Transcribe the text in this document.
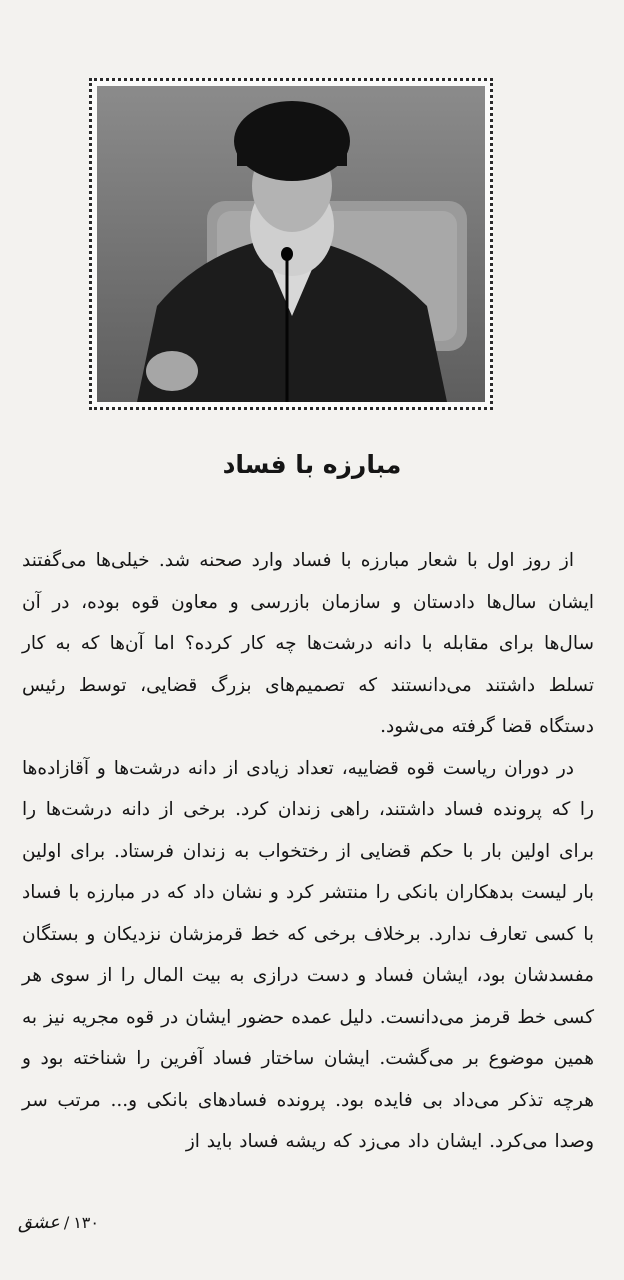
مبارزه با فساد

از روز اول با شعار مبارزه با فساد وارد صحنه شد. خیلی‌ها می‌گفتند ایشان سال‌ها دادستان و سازمان بازرسی و معاون قوه بوده، در آن سال‌ها برای مقابله با دانه درشت‌ها چه کار کرده؟ اما آن‌ها که به کار تسلط داشتند می‌دانستند که تصمیم‌های بزرگ قضایی، توسط رئیس دستگاه قضا گرفته می‌شود.

در دوران ریاست قوه قضاییه، تعداد زیادی از دانه درشت‌ها و آقازاده‌ها را که پرونده فساد داشتند، راهی زندان کرد. برخی از دانه درشت‌ها را برای اولین بار با حکم قضایی از رختخواب به زندان فرستاد. برای اولین بار لیست بدهکاران بانکی را منتشر کرد و نشان داد که در مبارزه با فساد با کسی تعارف ندارد. برخلاف برخی که خط قرمزشان نزدیکان و بستگان مفسدشان بود، ایشان فساد و دست درازی به بیت المال را از سوی هر کسی خط قرمز می‌دانست. دلیل عمده حضور ایشان در قوه مجریه نیز به همین موضوع بر می‌گشت. ایشان ساختار فساد آفرین را شناخته بود و هرچه تذکر می‌داد بی فایده بود. پرونده فسادهای بانکی و... مرتب سر وصدا می‌کرد. ایشان داد می‌زد که ریشه فساد باید از

۱۳۰
/
عشق
